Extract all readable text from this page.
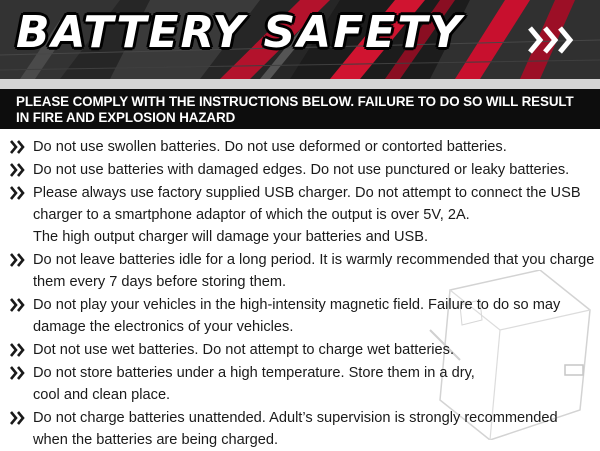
BATTERY SAFETY

PLEASE COMPLY WITH THE INSTRUCTIONS BELOW. FAILURE TO DO SO WILL RESULT IN FIRE AND EXPLOSION HAZARD

Do not use swollen batteries. Do not use deformed or contorted batteries.
Do not use batteries with damaged edges. Do not use punctured or leaky batteries.
Please always use factory supplied USB charger. Do not attempt to connect the USB
charger to a smartphone adaptor of which the output is over 5V, 2A.
The high output charger will damage your batteries and USB.
Do not leave batteries idle for a long period. It is warmly recommended that you charge
them every 7 days before storing them.
Do not play your vehicles in the high-intensity magnetic field. Failure to do so may
damage the electronics of your vehicles.
Dot not use wet batteries. Do not attempt to charge wet batteries.
Do not store batteries under a high temperature. Store them in a dry,
cool and clean place.
Do not charge batteries unattended. Adult’s supervision is strongly recommended
when the batteries are being charged.
